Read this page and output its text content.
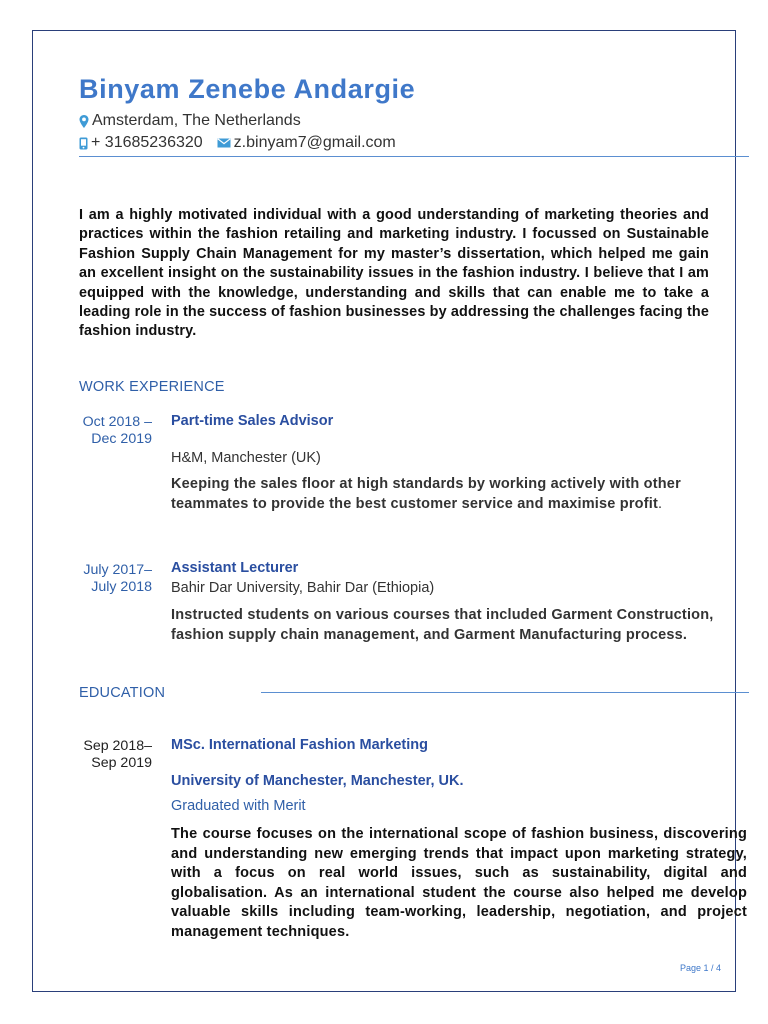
Binyam Zenebe Andargie
Amsterdam, The Netherlands
+ 31685236320 z.binyam7@gmail.com
I am a highly motivated individual with a good understanding of marketing theories and practices within the fashion retailing and marketing industry. I focussed on Sustainable Fashion Supply Chain Management for my master’s dissertation, which helped me gain an excellent insight on the sustainability issues in the fashion industry. I believe that I am equipped with the knowledge, understanding and skills that can enable me to take a leading role in the success of fashion businesses by addressing the challenges facing the fashion industry.
WORK EXPERIENCE
Oct 2018 –
Dec 2019
Part-time Sales Advisor
H&M, Manchester (UK)
Keeping the sales floor at high standards by working actively with other teammates to provide the best customer service and maximise profit.
July 2017–
July 2018
Assistant Lecturer
Bahir Dar University, Bahir Dar (Ethiopia)
Instructed students on various courses that included Garment Construction, fashion supply chain management, and Garment Manufacturing process.
EDUCATION
Sep 2018–
Sep 2019
MSc. International Fashion Marketing
University of Manchester, Manchester, UK.
Graduated with Merit
The course focuses on the international scope of fashion business, discovering and understanding new emerging trends that impact upon marketing strategy, with a focus on real world issues, such as sustainability, digital and globalisation. As an international student the course also helped me develop valuable skills including team-working, leadership, negotiation, and project management techniques.
Page 1 / 4
